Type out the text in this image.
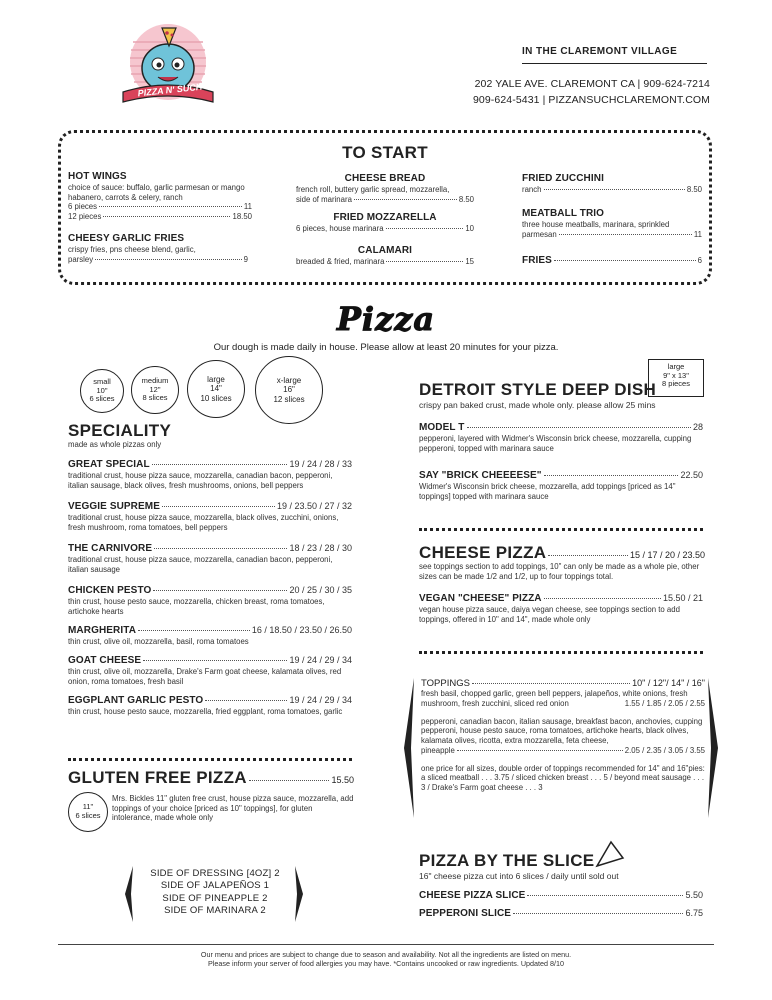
PIZZA N' SUCH
IN THE CLAREMONT VILLAGE
202 YALE AVE. CLAREMONT CA | 909-624-7214
909-624-5431 | PIZZANSUCHCLAREMONT.COM
TO START
HOT WINGS
choice of sauce: buffalo, garlic parmesan or mango habanero, carrots & celery, ranch
6 pieces	11
12 pieces	18.50
CHEESY GARLIC FRIES
crispy fries, pns cheese blend, garlic,
parsley	9
CHEESE BREAD
french roll, buttery garlic spread, mozzarella,
side of marinara	8.50
FRIED MOZZARELLA
6 pieces, house marinara	10
CALAMARI
breaded & fried, marinara	15
FRIED ZUCCHINI
ranch	8.50
MEATBALL TRIO
three house meatballs, marinara, sprinkled
parmesan	11
FRIES	6
Pizza
Our dough is made daily in house. Please allow at least 20 minutes for your pizza.
small
10"
6 slices
medium
12"
8 slices
large
14"
10 slices
x-large
16"
12 slices
SPECIALITY
made as whole pizzas only
GREAT SPECIAL	19 / 24 / 28 / 33
traditional crust, house pizza sauce, mozzarella, canadian bacon, pepperoni, italian sausage, black olives, fresh mushrooms, onions, bell peppers
VEGGIE SUPREME	19 / 23.50 / 27 / 32
traditional crust, house pizza sauce, mozzarella, black olives, zucchini, onions, fresh mushroom, roma tomatoes, bell peppers
THE CARNIVORE	18 / 23 / 28 / 30
traditional crust, house pizza sauce, mozzarella, canadian bacon, pepperoni, italian sausage
CHICKEN PESTO	20 / 25 / 30 / 35
thin crust, house pesto sauce, mozzarella, chicken breast, roma tomatoes, artichoke hearts
MARGHERITA	16 / 18.50 / 23.50 / 26.50
thin crust, olive oil, mozzarella, basil, roma tomatoes
GOAT CHEESE	19 / 24 / 29 / 34
thin crust, olive oil, mozzarella, Drake's Farm goat cheese, kalamata olives, red onion, roma tomatoes, fresh basil
EGGPLANT GARLIC PESTO	19 / 24 / 29 / 34
thin crust, house pesto sauce, mozzarella, fried eggplant, roma tomatoes, garlic
GLUTEN FREE PIZZA	15.50
11"
6 slices
Mrs. Bickles 11" gluten free crust, house pizza sauce, mozzarella, add toppings of your choice [priced as 10" toppings], for gluten intolerance, made whole only
SIDE OF DRESSING [4OZ] 2
SIDE OF JALAPEÑOS 1
SIDE OF PINEAPPLE 2
SIDE OF MARINARA 2
large
9" x 13"
8 pieces
DETROIT STYLE DEEP DISH
crispy pan baked crust, made whole only. please allow 25 mins
MODEL T	28
pepperoni, layered with Widmer's Wisconsin brick cheese, mozzarella, cupping pepperoni, topped with marinara sauce
SAY "BRICK CHEEEESE"	22.50
Widmer's Wisconsin brick cheese, mozzarella, add toppings [priced as 14" toppings] topped with marinara sauce
CHEESE PIZZA	15 / 17 / 20 / 23.50
see toppings section to add toppings, 10" can only be made as a whole pie, other sizes can be made 1/2 and 1/2, up to four toppings total.
VEGAN "CHEESE" PIZZA	15.50 / 21
vegan house pizza sauce, daiya vegan cheese, see toppings section to add toppings, offered in 10" and 14", made whole only
TOPPINGS	10" / 12"/ 14" / 16"
fresh basil, chopped garlic, green bell peppers, jalapeños, white onions, fresh mushroom, fresh zucchini, sliced red onion	1.55 / 1.85 / 2.05 / 2.55
pepperoni, canadian bacon, italian sausage, breakfast bacon, anchovies, cupping pepperoni, house pesto sauce, roma tomatoes, artichoke hearts, black olives, kalamata olives, ricotta, extra mozzarella, feta cheese,
pineapple	2.05 / 2.35 / 3.05 / 3.55
one price for all sizes, double order of toppings recommended for 14" and 16"pies: a sliced meatball . . . 3.75 / sliced chicken breast . . . 5 / beyond meat sausage . . . 3 / Drake's Farm goat cheese . . . 3
PIZZA BY THE SLICE
16" cheese pizza cut into 6 slices / daily until sold out
CHEESE PIZZA SLICE	5.50
PEPPERONI SLICE	6.75
Our menu and prices are subject to change due to season and availability. Not all the ingredients are listed on menu.
Please inform your server of food allergies you may have. *Contains uncooked or raw ingredients. Updated 8/10
